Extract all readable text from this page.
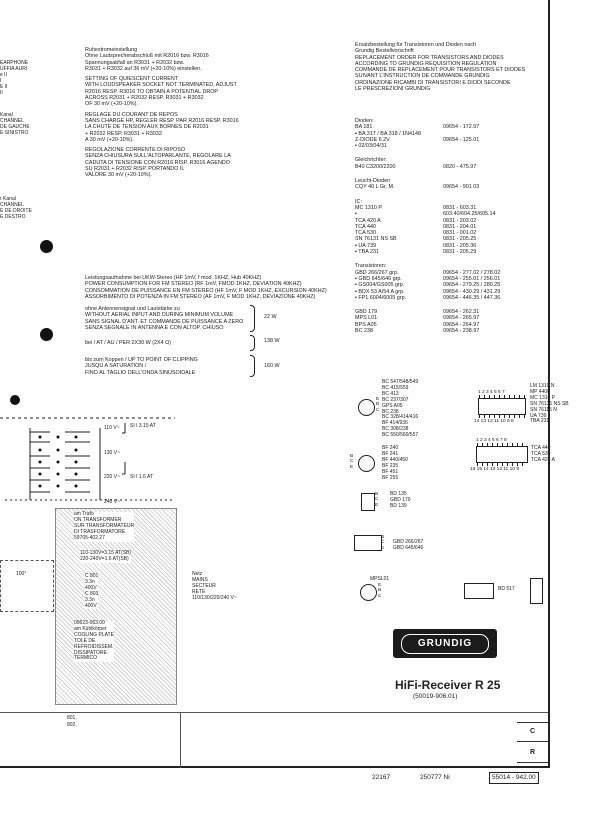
C
R
EARPHONE
UFFIA AURI
e II
I
E II
II
Kanal
CHANNEL
DE GAUCHE
E SINISTRO
r Kanal
CHANNEL
E DE DROITE
E DESTRO
Ruhestromeinstellung
Ohne Lautsprecherabschluß mit R2016 bzw. R3016
Spannungsabfall an R3031 + R2032 bzw.
R3031 + R3032 auf 36 mV (+20-10%) einstellen.
SETTING OF QUIESCENT CURRENT
WITH LOUDSPEAKER SOCKET NOT TERMINATED, ADJUST
R2016 RESP. R3016 TO OBTAIN A POTENTIAL DROP
ACROSS R2031 + R2032 RESP. R3031 + R3032
OF 30 mV (+20-10%).
REGLAGE DU COURANT DE REPOS
SANS CHARGE HP, REGLER RESP. PAR R2016 RESP. R3016
LA CHUTE DE TENSION AUX BORNES DE R2031
+ R2032 RESP. R3031 + R3032
A 30 mV (+20-10%).
REGOLAZIONE CORRENTE DI RIPOSO
SENZA CHIUSURA SULL'ALTOPARLANTE, REGOLARE LA
CADUTA DI TENSIONE CON R2016 RISP. R3016 AGENDO
SU R2031 + R2032 RISP. PORTANDO IL
VALORE 30 mV (+20-10%).
Ersatzbestellung für Transistoren und Dioden nach
Grundig Bestellvorschrift
REPLACEMENT ORDER FOR TRANSISTORS AND DIODES
ACCORDING TO GRUNDIG REQUISITION REGULATION
COMMANDE DE REPLACEMENT POUR TRANSISTORS ET DIODES
SUIVANT L'INSTRUCTION DE COMMANDE GRUNDIG
ORDINAZIONE RICAMBI DI TRANSISTORI E DIODI SECONDE
LE PRESCREZIONI GRUNDIG
Dioden:
BA 181	09654 - 172.97
▪ BA 317 / BA 318 / 1N4148
Z-DIODE 6.2V	09654 - 125.01
▪ 02/03/04/31
Gleichrichter:
B40 C3200/2200	0820 - 475.97
Leucht-Dioden
CQY 40 L Gr. M.	09654 - 901 03
IC:
MC 1310 P	0831 - 603.31
▪	603.40/604.25/605.14
TCA 420 A	0831 - 203.02
TCA 440	0831 - 204.01
TCA 530	0831 - 001.02
SN 76131 NS SB	0831 - 205.25
▪ UA 739	0831 - 205.36
▪ TBA 231	0831 - 205.29
Transistoren:
GBD 266/267 grp.	09654 - 277.02 / 278.02
▪ GBD 645/646 grp.	09654 - 255.01 / 256.01
▪ GS004/GS005 grp.	09654 - 279.25 / 280.25
▪ BDX 53 A/54 A grp.	09654 - 430.29 / 431.29
▪ FP1 6004/6005 grp.	09654 - 446.35 / 447.36
GBD 179	09654 - 262.31
MPS L01	09654 - 265.97
BPS A05	09654 - 264.97
BC 238	09654 - 238.97
Leistungsaufnahme bei UKW-Stereo (HF 1mV, f mod. 1KHZ, Hub 40KHZ)
POWER CONSUMPTION FOR FM STEREO (RF 1mV, FMOD 1KHZ, DEVIATION 40KHZ)
CONSOMMATION DE PUISSANCE EN FM STEREO (HF 1mV, F MOD 1KHZ, EXCURSION 40KHZ)
ASSORBIMENTO DI POTENZA IN FM STEREO (AF 1mV, F MOD 1KHZ, DEVIAZIONE 40KHZ)
ohne Antennensignal und Lautstärke zu
WITHOUT AERIAL INPUT AND DURING MINIMUM VOLUME
SANS SIGNAL D'ANT. ET COMMANDE DE PUISSANCE A ZERO
SENZA SEGNALE IN ANTENNA E CON ALTOP. CHIUSO
22 W
bei / AT / AU / PER 2X30 W (2X4 Ω)	138 W
bis zum Koppen / UP TO POINT OF CLIPPING
JUSQU A SATURATION /
FINO AL TAGLIO DELL'ONDA SINUSOIDALE
160 W
110 V~
130 V~
220 V~
240 V~
SI I 3.15 AT
SI I 1.6 AT
am Trafo
ON TRANSFORMER
SUR TRANSFORMATEUR
DI TRASFORMATORE
59705-402.27
110-130V=3.15 AT(SB)
220-240V=1.6 AT(SB)
100°	C 801
3.3n
400V
C 803
3.3n
400V
09623-063.00
am Kühlkörper
COOLING PLATE
TOLE DE
REFROIDISSEM.
DISSIPATORE
TERMICO
Netz
MAINS
SECTEUR
RETE
110/130/220/240 V~
801,
802,
BC 547/548/549
BC 415/559
BC 413
BC 237/307
GPS A05
BC 238
BC 328/414/416
BF 414/936
BC 308/238
BC 550/560/557
E
B
C
BF 240
BF 241
BF 440/450
BF 235
BF 451
BF 255
B
C
E
B
C
E
BD 135
GBD 179
BD 139
B
C
E
GBD 266/267
GBD 645/646
MPSL01
E
B
C
BD 517
1 2 3 4 5 6 7
14 13 12 11 10 9 8
LM 1310 N
MP 4400
MC 1310 P
SN 76131 NS SB
SN 76115 N
UA 739
TBA 231
1 2 3 4 5 6 7 8
16 15 14 13 12 11 10 9
TCA 440
TCA 530
TCA 420 A
GRUNDIG
HiFi-Receiver R 25
(50019-906.01)
22167	250777 Ni	55014 - 942.00
